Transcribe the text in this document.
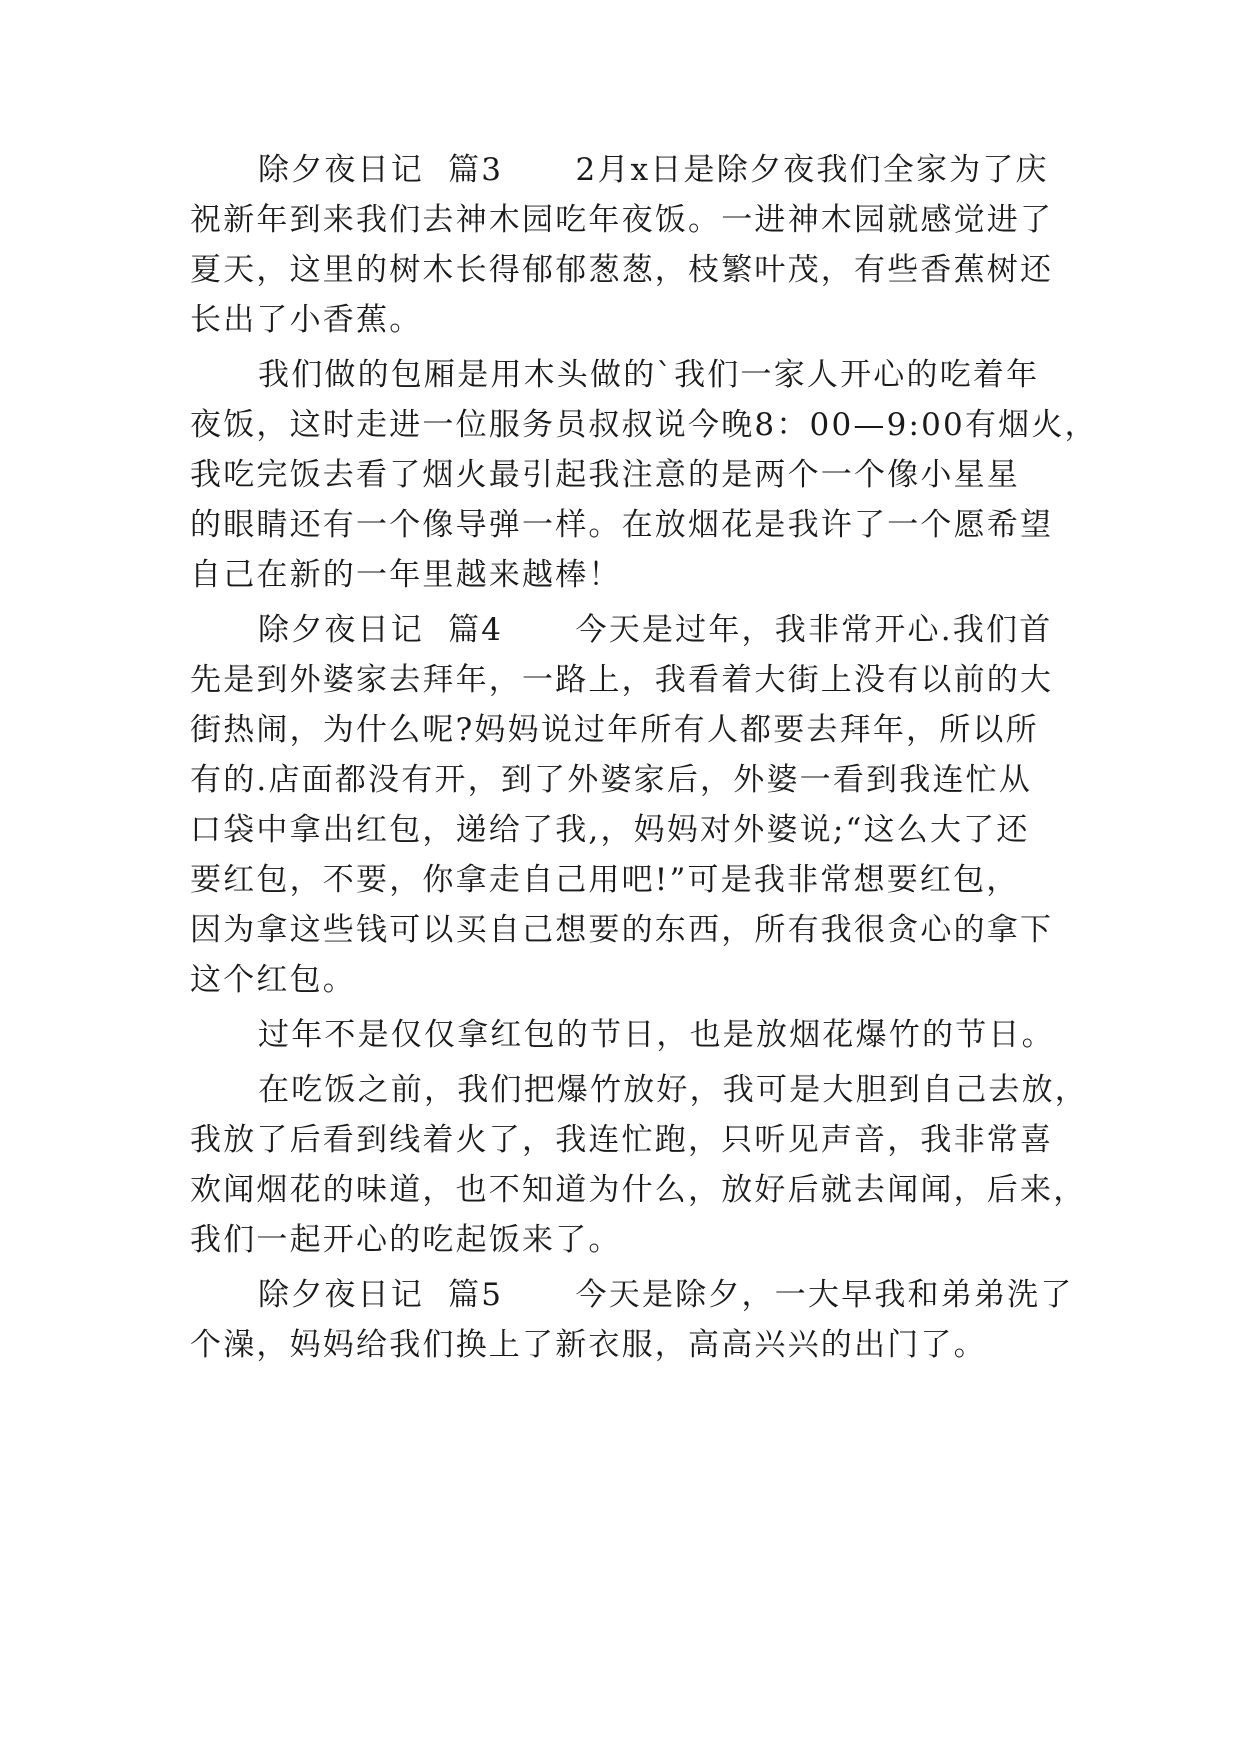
除夕夜日记  篇3      2月x日是除夕夜我们全家为了庆
祝新年到来我们去神木园吃年夜饭。一进神木园就感觉进了
夏天，这里的树木长得郁郁葱葱，枝繁叶茂，有些香蕉树还
长出了小香蕉。
我们做的包厢是用木头做的`我们一家人开心的吃着年
夜饭，这时走进一位服务员叔叔说今晚8：00—9:00有烟火，
我吃完饭去看了烟火最引起我注意的是两个一个像小星星
的眼睛还有一个像导弹一样。在放烟花是我许了一个愿希望
自己在新的一年里越来越棒！
除夕夜日记  篇4      今天是过年，我非常开心.我们首
先是到外婆家去拜年，一路上，我看着大街上没有以前的大
街热闹，为什么呢?妈妈说过年所有人都要去拜年，所以所
有的.店面都没有开，到了外婆家后，外婆一看到我连忙从
口袋中拿出红包，递给了我,，妈妈对外婆说;“这么大了还
要红包，不要，你拿走自己用吧!”可是我非常想要红包，
因为拿这些钱可以买自己想要的东西，所有我很贪心的拿下
这个红包。
过年不是仅仅拿红包的节日，也是放烟花爆竹的节日。
在吃饭之前，我们把爆竹放好，我可是大胆到自己去放，
我放了后看到线着火了，我连忙跑，只听见声音，我非常喜
欢闻烟花的味道，也不知道为什么，放好后就去闻闻，后来，
我们一起开心的吃起饭来了。
除夕夜日记  篇5      今天是除夕，一大早我和弟弟洗了
个澡，妈妈给我们换上了新衣服，高高兴兴的出门了。
